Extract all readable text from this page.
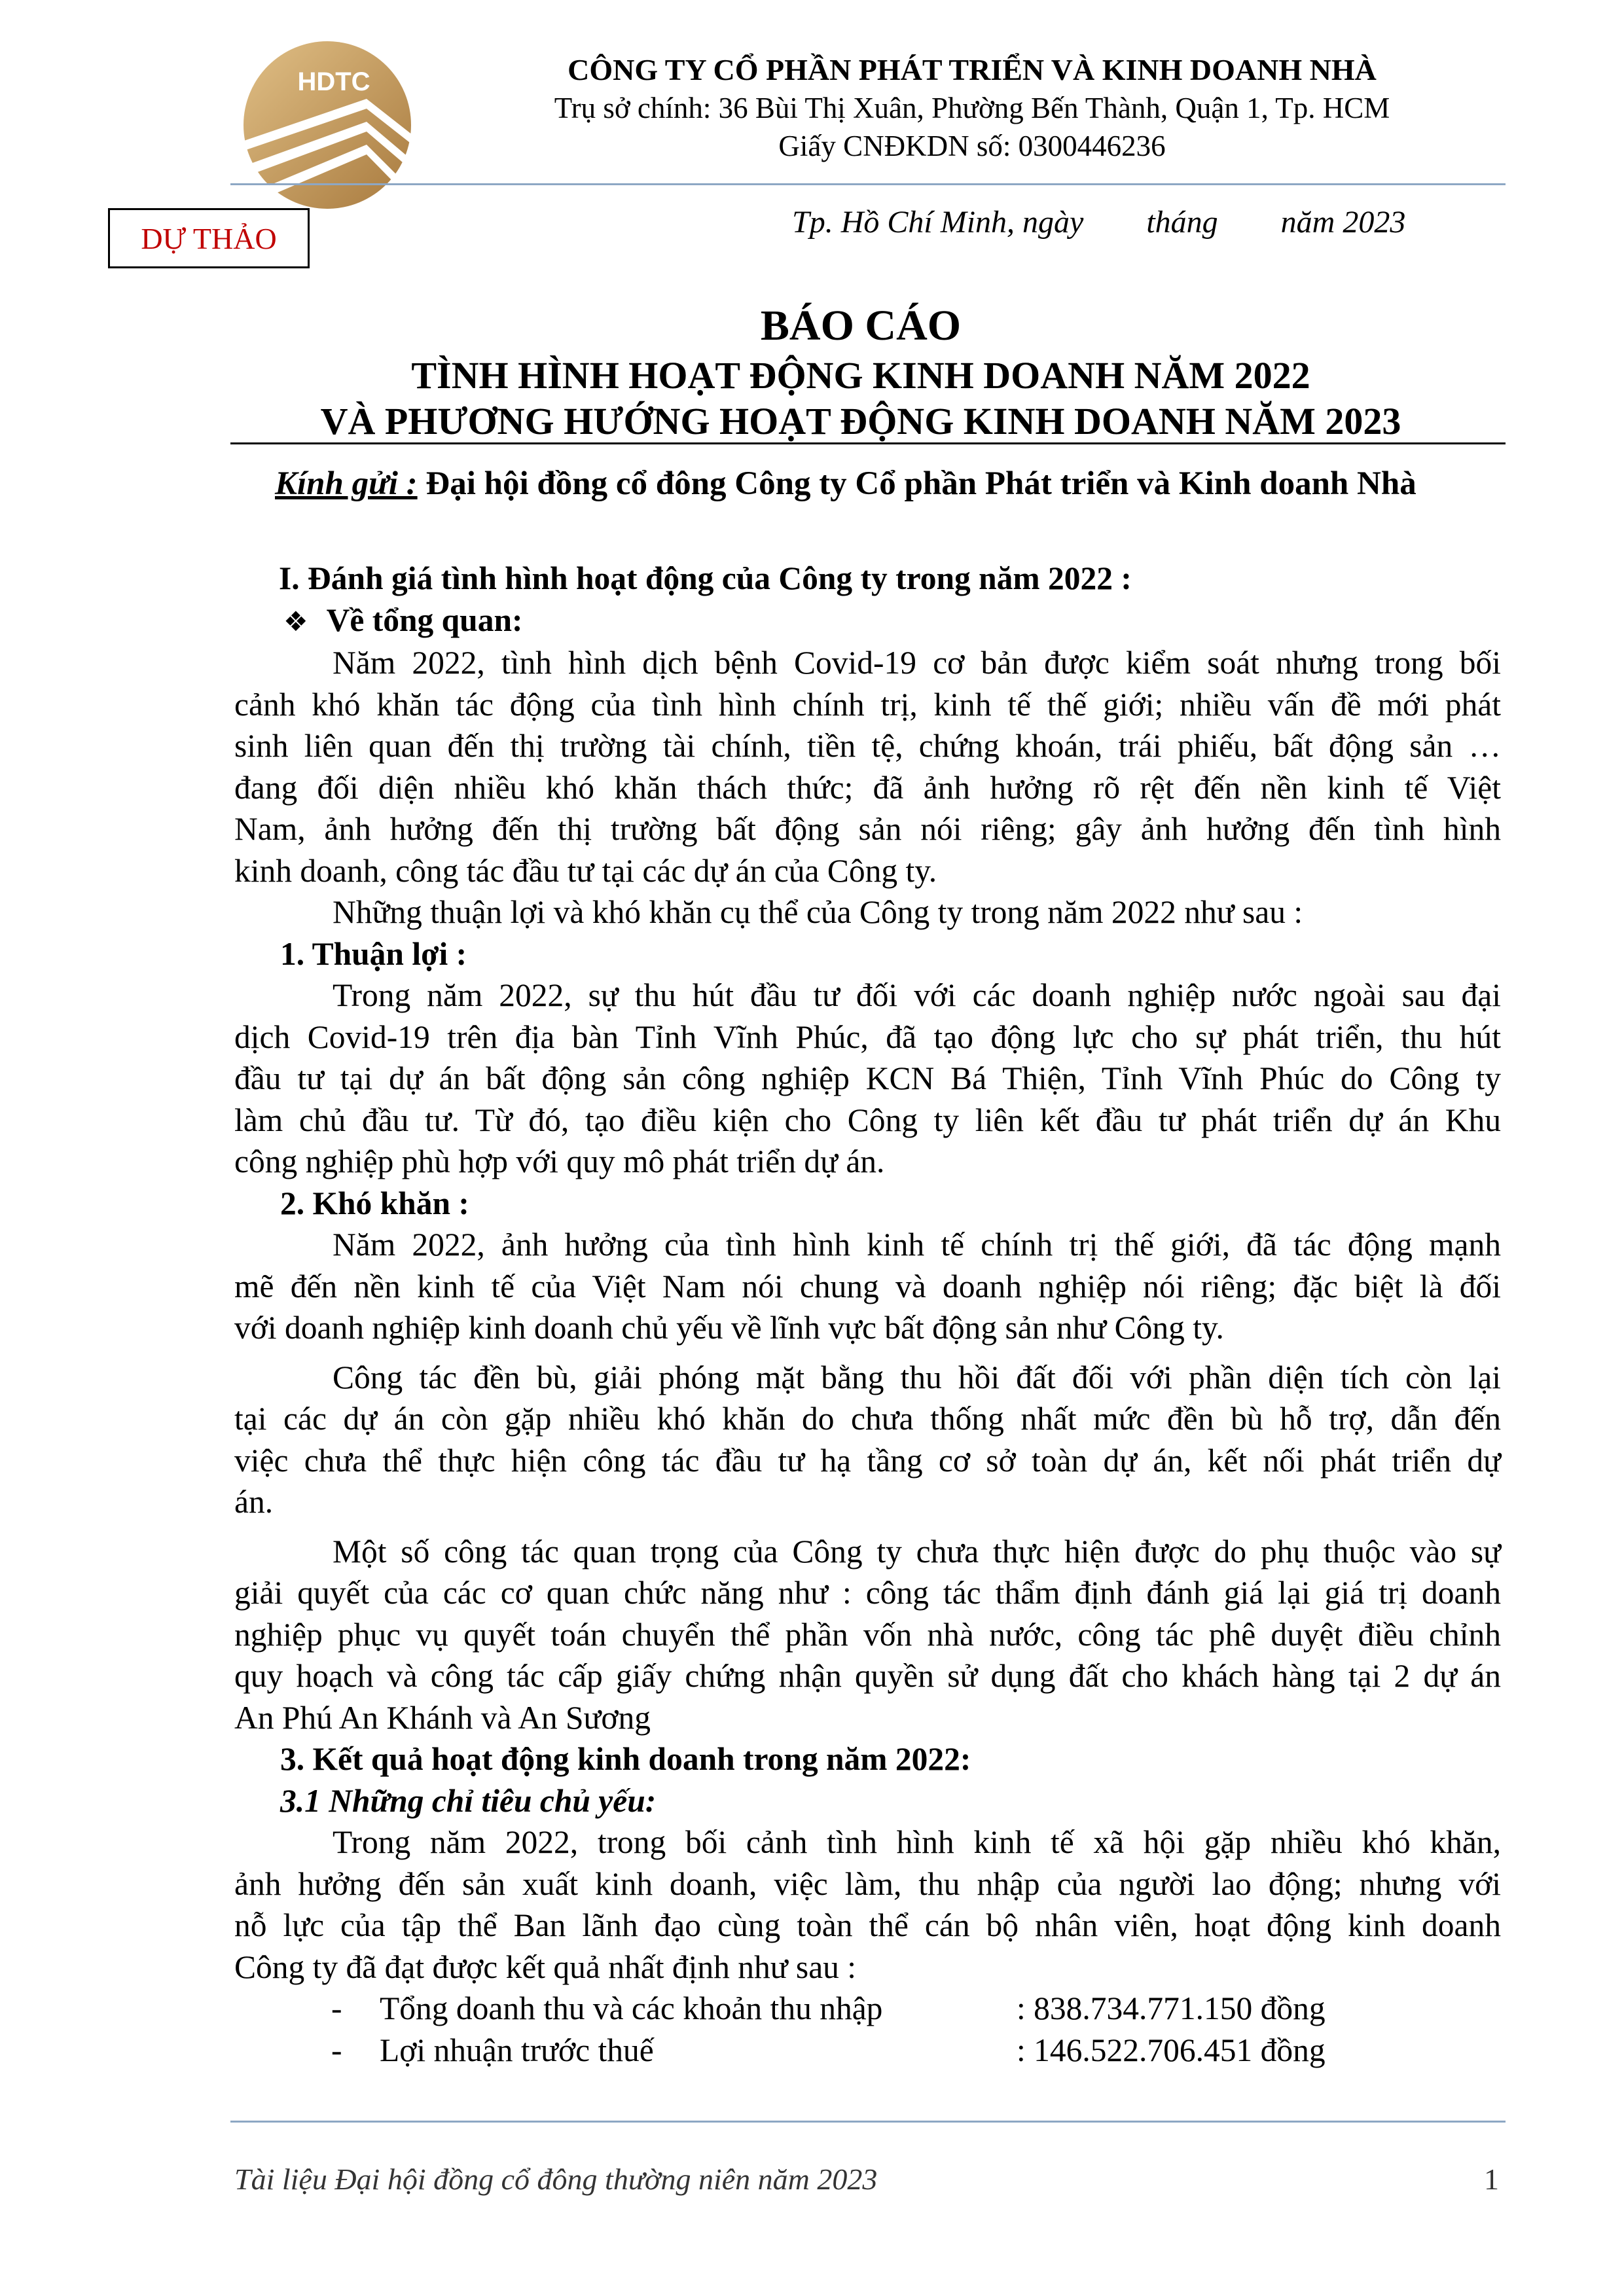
HDTC	CÔNG TY CỔ PHẦN PHÁT TRIỂN VÀ KINH DOANH NHÀ
Trụ sở chính: 36 Bùi Thị Xuân, Phường Bến Thành, Quận 1, Tp. HCM
Giấy CNĐKDN số: 0300446236
DỰ THẢO	Tp. Hồ Chí Minh, ngày        tháng        năm 2023
BÁO CÁO
TÌNH HÌNH HOẠT ĐỘNG KINH DOANH NĂM 2022
VÀ PHƯƠNG HƯỚNG HOẠT ĐỘNG KINH DOANH NĂM 2023
Kính gửi : Đại hội đồng cổ đông Công ty Cổ phần Phát triển và Kinh doanh Nhà

I. Đánh giá tình hình hoạt động của Công ty trong năm 2022 :

❖ Về tổng quan:

Năm 2022, tình hình dịch bệnh Covid-19 cơ bản được kiểm soát nhưng trong bối

cảnh khó khăn tác động của tình hình chính trị, kinh tế thế giới; nhiều vấn đề mới phát

sinh liên quan đến thị trường tài chính, tiền tệ, chứng khoán, trái phiếu, bất động sản …

đang đối diện nhiều khó khăn thách thức; đã ảnh hưởng rõ rệt đến nền kinh tế Việt

Nam, ảnh hưởng đến thị trường bất động sản nói riêng; gây ảnh hưởng đến tình hình

kinh doanh, công tác đầu tư tại các dự án của Công ty.

Những thuận lợi và khó khăn cụ thể của Công ty trong năm 2022 như sau :

1. Thuận lợi :

Trong năm 2022, sự thu hút đầu tư đối với các doanh nghiệp nước ngoài sau đại

dịch Covid-19 trên địa bàn Tỉnh Vĩnh Phúc, đã tạo động lực cho sự phát triển, thu hút

đầu tư tại dự án bất động sản công nghiệp KCN Bá Thiện, Tỉnh Vĩnh Phúc do Công ty

làm chủ đầu tư. Từ đó, tạo điều kiện cho Công ty liên kết đầu tư phát triển dự án Khu

công nghiệp phù hợp với quy mô phát triển dự án.

2. Khó khăn :

Năm 2022, ảnh hưởng của tình hình kinh tế chính trị thế giới, đã tác động mạnh

mẽ đến nền kinh tế của Việt Nam nói chung và doanh nghiệp nói riêng; đặc biệt là đối

với doanh nghiệp kinh doanh chủ yếu về lĩnh vực bất động sản như Công ty.

Công tác đền bù, giải phóng mặt bằng thu hồi đất đối với phần diện tích còn lại

tại các dự án còn gặp nhiều khó khăn do chưa thống nhất mức đền bù hỗ trợ, dẫn đến

việc chưa thể thực hiện công tác đầu tư hạ tầng cơ sở toàn dự án, kết nối phát triển dự

án.

Một số công tác quan trọng của Công ty chưa thực hiện được do phụ thuộc vào sự

giải quyết của các cơ quan chức năng như : công tác thẩm định đánh giá lại giá trị doanh

nghiệp phục vụ quyết toán chuyển thể phần vốn nhà nước, công tác phê duyệt điều chỉnh

quy hoạch và công tác cấp giấy chứng nhận quyền sử dụng đất cho khách hàng tại 2 dự án

An Phú An Khánh và An Sương

3. Kết quả hoạt động kinh doanh trong năm 2022:

3.1 Những chỉ tiêu chủ yếu:

Trong năm 2022, trong bối cảnh tình hình kinh tế xã hội gặp nhiều khó khăn,

ảnh hưởng đến sản xuất kinh doanh, việc làm, thu nhập của người lao động; nhưng với

nỗ lực của tập thể Ban lãnh đạo cùng toàn thể cán bộ nhân viên, hoạt động kinh doanh

Công ty đã đạt được kết quả nhất định như sau :

- Tổng doanh thu và các khoản thu nhập	: 838.734.771.150 đồng
- Lợi nhuận trước thuế	: 146.522.706.451 đồng
Tài liệu Đại hội đồng cổ đông thường niên năm 2023	1
